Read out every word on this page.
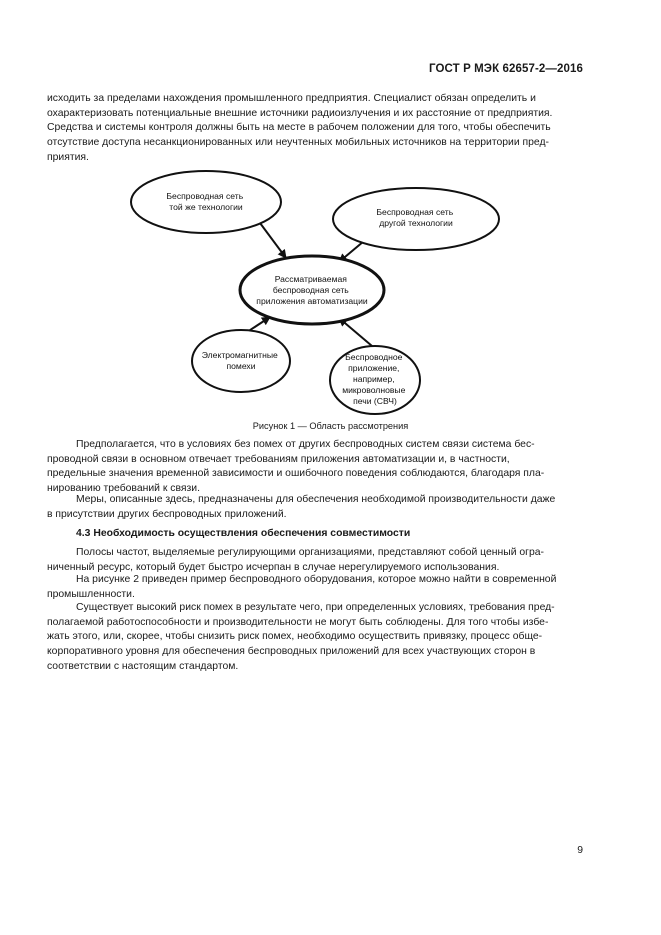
ГОСТ Р МЭК 62657-2—2016
исходить за пределами нахождения промышленного предприятия. Специалист обязан определить и
охарактеризовать потенциальные внешние источники радиоизлучения и их расстояние от предприятия.
Средства и системы контроля должны быть на месте в рабочем положении для того, чтобы обеспечить
отсутствие доступа несанкционированных или неучтенных мобильных источников на территории пред-
приятия.
Беспроводная сеть той же технологии	Беспроводная сеть другой технологии
Рассматриваемая беспроводная сеть приложения автоматизации
Электромагнитные помехи
Беспроводное приложение, например, микроволновые печи (СВЧ)
Рисунок 1 — Область рассмотрения
Предполагается, что в условиях без помех от других беспроводных систем связи система бес-
проводной связи в основном отвечает требованиям приложения автоматизации и, в частности,
предельные значения временной зависимости и ошибочного поведения соблюдаются, благодаря пла-
нированию требований к связи.
Меры, описанные здесь, предназначены для обеспечения необходимой производительности даже
в присутствии других беспроводных приложений.
4.3 Необходимость осуществления обеспечения совместимости
Полосы частот, выделяемые регулирующими организациями, представляют собой ценный огра-
ниченный ресурс, который будет быстро исчерпан в случае нерегулируемого использования.
На рисунке 2 приведен пример беспроводного оборудования, которое можно найти в современной
промышленности.
Существует высокий риск помех в результате чего, при определенных условиях, требования пред-
полагаемой работоспособности и производительности не могут быть соблюдены. Для того чтобы избе-
жать этого, или, скорее, чтобы снизить риск помех, необходимо осуществить привязку, процесс обще-
корпоративного уровня для обеспечения беспроводных приложений для всех участвующих сторон в
соответствии с настоящим стандартом.
9
